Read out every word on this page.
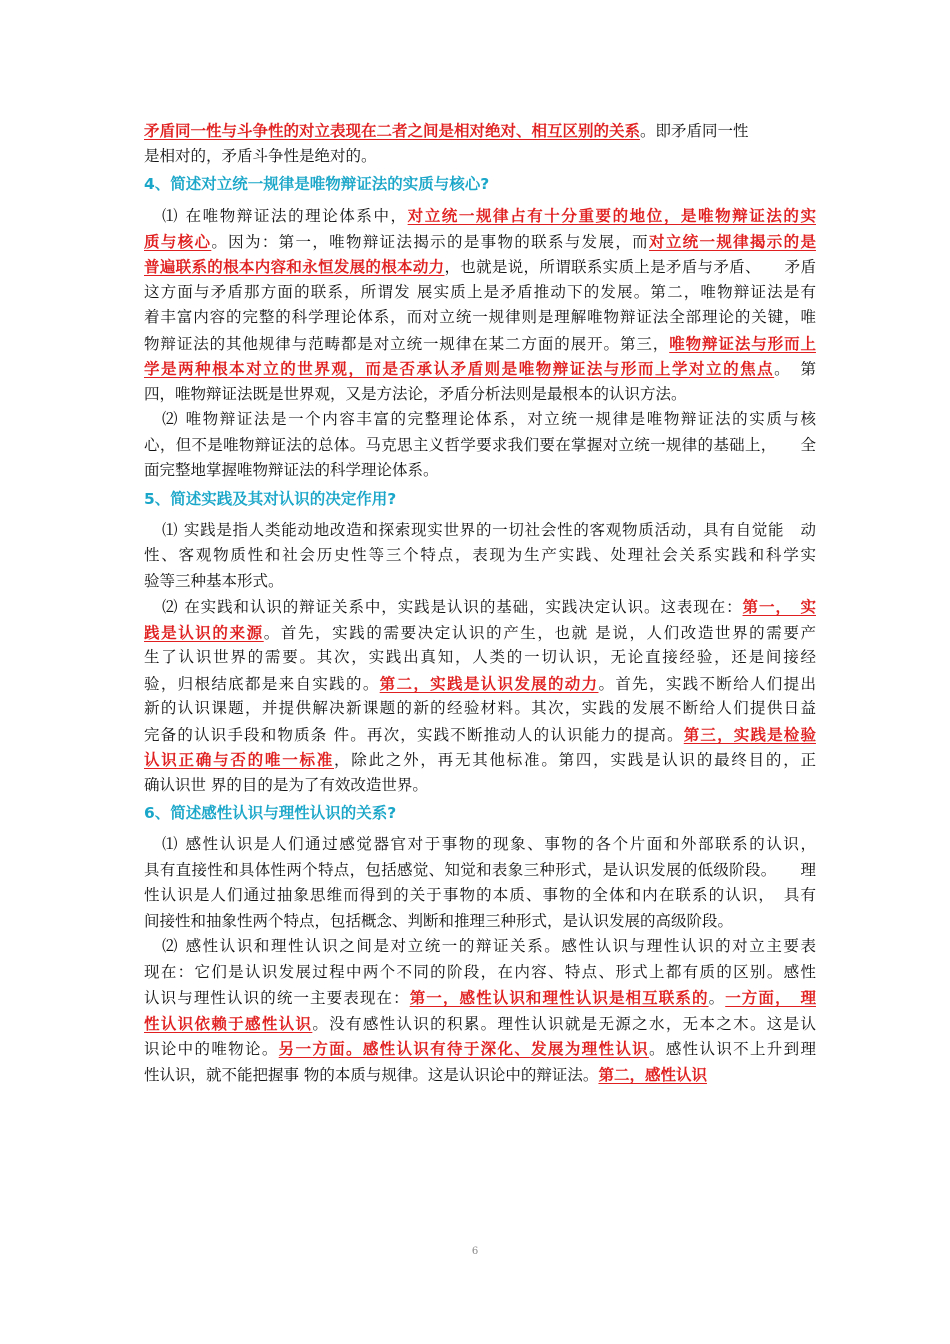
矛盾同一性与斗争性的对立表现在二者之间是相对绝对、相互区别的关系。即矛盾同一性
是相对的，矛盾斗争性是绝对的。
4、简述对立统一规律是唯物辩证法的实质与核心?
⑴ 在唯物辩证法的理论体系中，对立统一规律占有十分重要的地位，是唯物辩证法的实
质与核心。因为：第一，唯物辩证法揭示的是事物的联系与发展，而对立统一规律揭示的是
普遍联系的根本内容和永恒发展的根本动力，也就是说，所谓联系实质上是矛盾与矛盾、　　矛盾
这方面与矛盾那方面的联系，所谓发 展实质上是矛盾推动下的发展。第二，唯物辩证法是有
着丰富内容的完整的科学理论体系，而对立统一规律则是理解唯物辩证法全部理论的关键，唯
物辩证法的其他规律与范畴都是对立统一规律在某二方面的展开。第三，唯物辩证法与形而上
学是两种根本对立的世界观，而是否承认矛盾则是唯物辩证法与形而上学对立的焦点。　第
四，唯物辩证法既是世界观，又是方法论，矛盾分析法则是最根本的认识方法。
⑵ 唯物辩证法是一个内容丰富的完整理论体系，对立统一规律是唯物辩证法的实质与核
心，但不是唯物辩证法的总体。马克思主义哲学要求我们要在掌握对立统一规律的基础上，　　全
面完整地掌握唯物辩证法的科学理论体系。
5、简述实践及其对认识的决定作用?
⑴ 实践是指人类能动地改造和探索现实世界的一切社会性的客观物质活动，具有自觉能　动
性、客观物质性和社会历史性等三个特点，表现为生产实践、处理社会关系实践和科学实
验等三种基本形式。
⑵ 在实践和认识的辩证关系中，实践是认识的基础，实践决定认识。这表现在：第一，　实
践是认识的来源。首先，实践的需要决定认识的产生，也就 是说，人们改造世界的需要产
生了认识世界的需要。其次，实践出真知，人类的一切认识，无论直接经验，还是间接经
验，归根结底都是来自实践的。第二，实践是认识发展的动力。首先，实践不断给人们提出
新的认识课题，并提供解决新课题的新的经验材料。其次，实践的发展不断给人们提供日益
完备的认识手段和物质条 件。再次，实践不断推动人的认识能力的提高。第三，实践是检验
认识正确与否的唯一标准，除此之外，再无其他标准。第四，实践是认识的最终目的，正
确认识世 界的目的是为了有效改造世界。
6、简述感性认识与理性认识的关系?
⑴ 感性认识是人们通过感觉器官对于事物的现象、事物的各个片面和外部联系的认识，
具有直接性和具体性两个特点，包括感觉、知觉和表象三种形式，是认识发展的低级阶段。　　理
性认识是人们通过抽象思维而得到的关于事物的本质、事物的全体和内在联系的认识，　具有
间接性和抽象性两个特点，包括概念、判断和推理三种形式，是认识发展的高级阶段。
⑵ 感性认识和理性认识之间是对立统一的辩证关系。感性认识与理性认识的对立主要表
现在：它们是认识发展过程中两个不同的阶段，在内容、特点、形式上都有质的区别。感性
认识与理性认识的统一主要表现在：第一，感性认识和理性认识是相互联系的。一方面，　理
性认识依赖于感性认识。没有感性认识的积累。理性认识就是无源之水，无本之木。这是认
识论中的唯物论。另一方面。感性认识有待于深化、发展为理性认识。感性认识不上升到理
性认识，就不能把握事 物的本质与规律。这是认识论中的辩证法。第二，感性认识
6
